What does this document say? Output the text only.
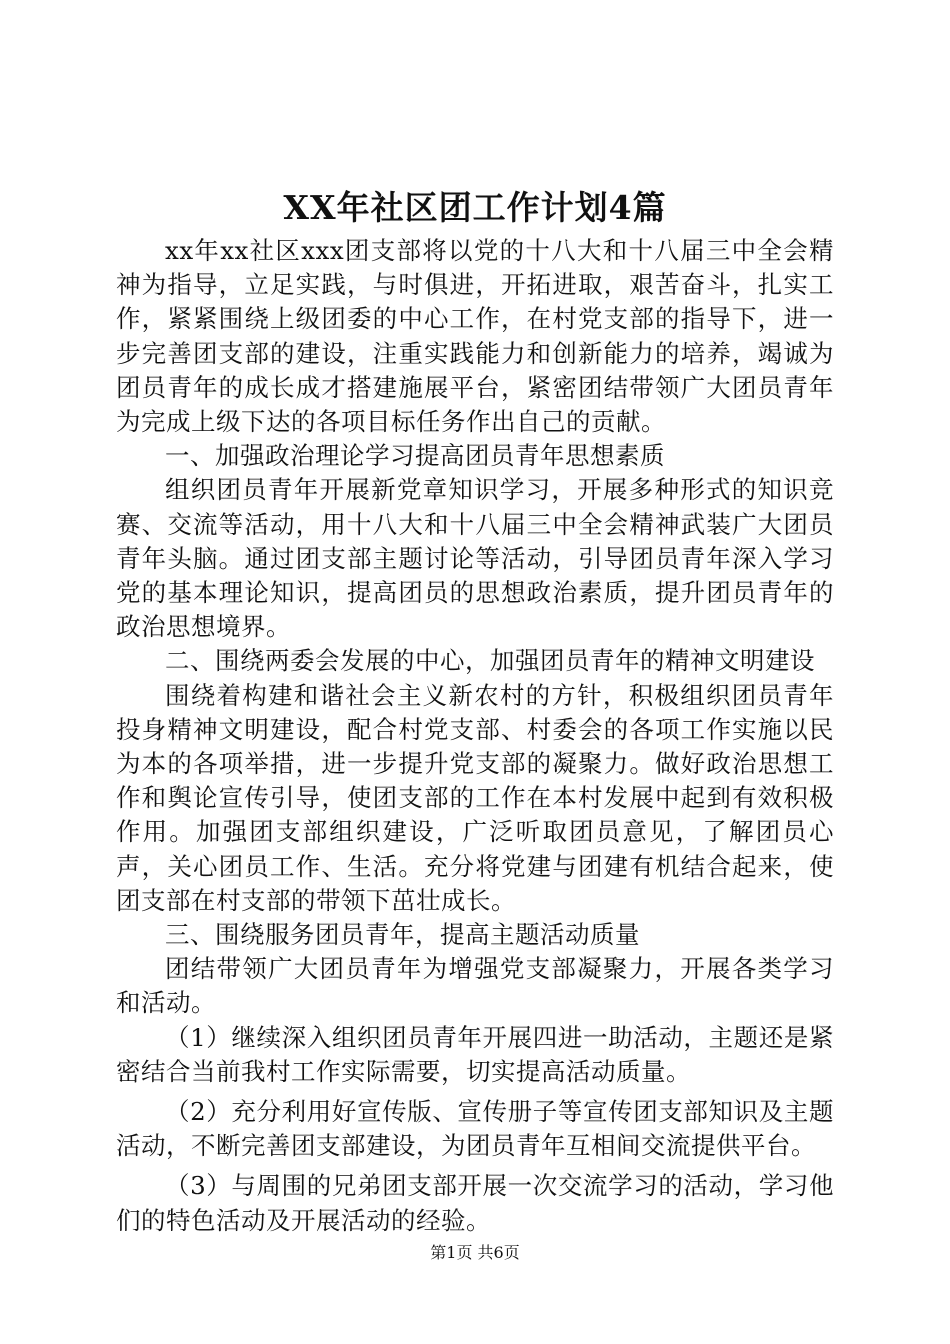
XX年社区团工作计划4篇

xx年xx社区xxx团支部将以党的十八大和十八届三中全会精神为指导，立足实践，与时俱进，开拓进取，艰苦奋斗，扎实工作，紧紧围绕上级团委的中心工作，在村党支部的指导下，进一步完善团支部的建设，注重实践能力和创新能力的培养，竭诚为团员青年的成长成才搭建施展平台，紧密团结带领广大团员青年为完成上级下达的各项目标任务作出自己的贡献。

一、加强政治理论学习提高团员青年思想素质

组织团员青年开展新党章知识学习，开展多种形式的知识竞赛、交流等活动，用十八大和十八届三中全会精神武装广大团员青年头脑。通过团支部主题讨论等活动，引导团员青年深入学习党的基本理论知识，提高团员的思想政治素质，提升团员青年的政治思想境界。

二、围绕两委会发展的中心，加强团员青年的精神文明建设

围绕着构建和谐社会主义新农村的方针，积极组织团员青年投身精神文明建设，配合村党支部、村委会的各项工作实施以民为本的各项举措，进一步提升党支部的凝聚力。做好政治思想工作和舆论宣传引导，使团支部的工作在本村发展中起到有效积极作用。加强团支部组织建设，广泛听取团员意见，了解团员心声，关心团员工作、生活。充分将党建与团建有机结合起来，使团支部在村支部的带领下茁壮成长。

三、围绕服务团员青年，提高主题活动质量

团结带领广大团员青年为增强党支部凝聚力，开展各类学习和活动。

（1）继续深入组织团员青年开展四进一助活动，主题还是紧密结合当前我村工作实际需要，切实提高活动质量。

（2）充分利用好宣传版、宣传册子等宣传团支部知识及主题活动，不断完善团支部建设，为团员青年互相间交流提供平台。

（3）与周围的兄弟团支部开展一次交流学习的活动，学习他们的特色活动及开展活动的经验。

第1页 共6页
